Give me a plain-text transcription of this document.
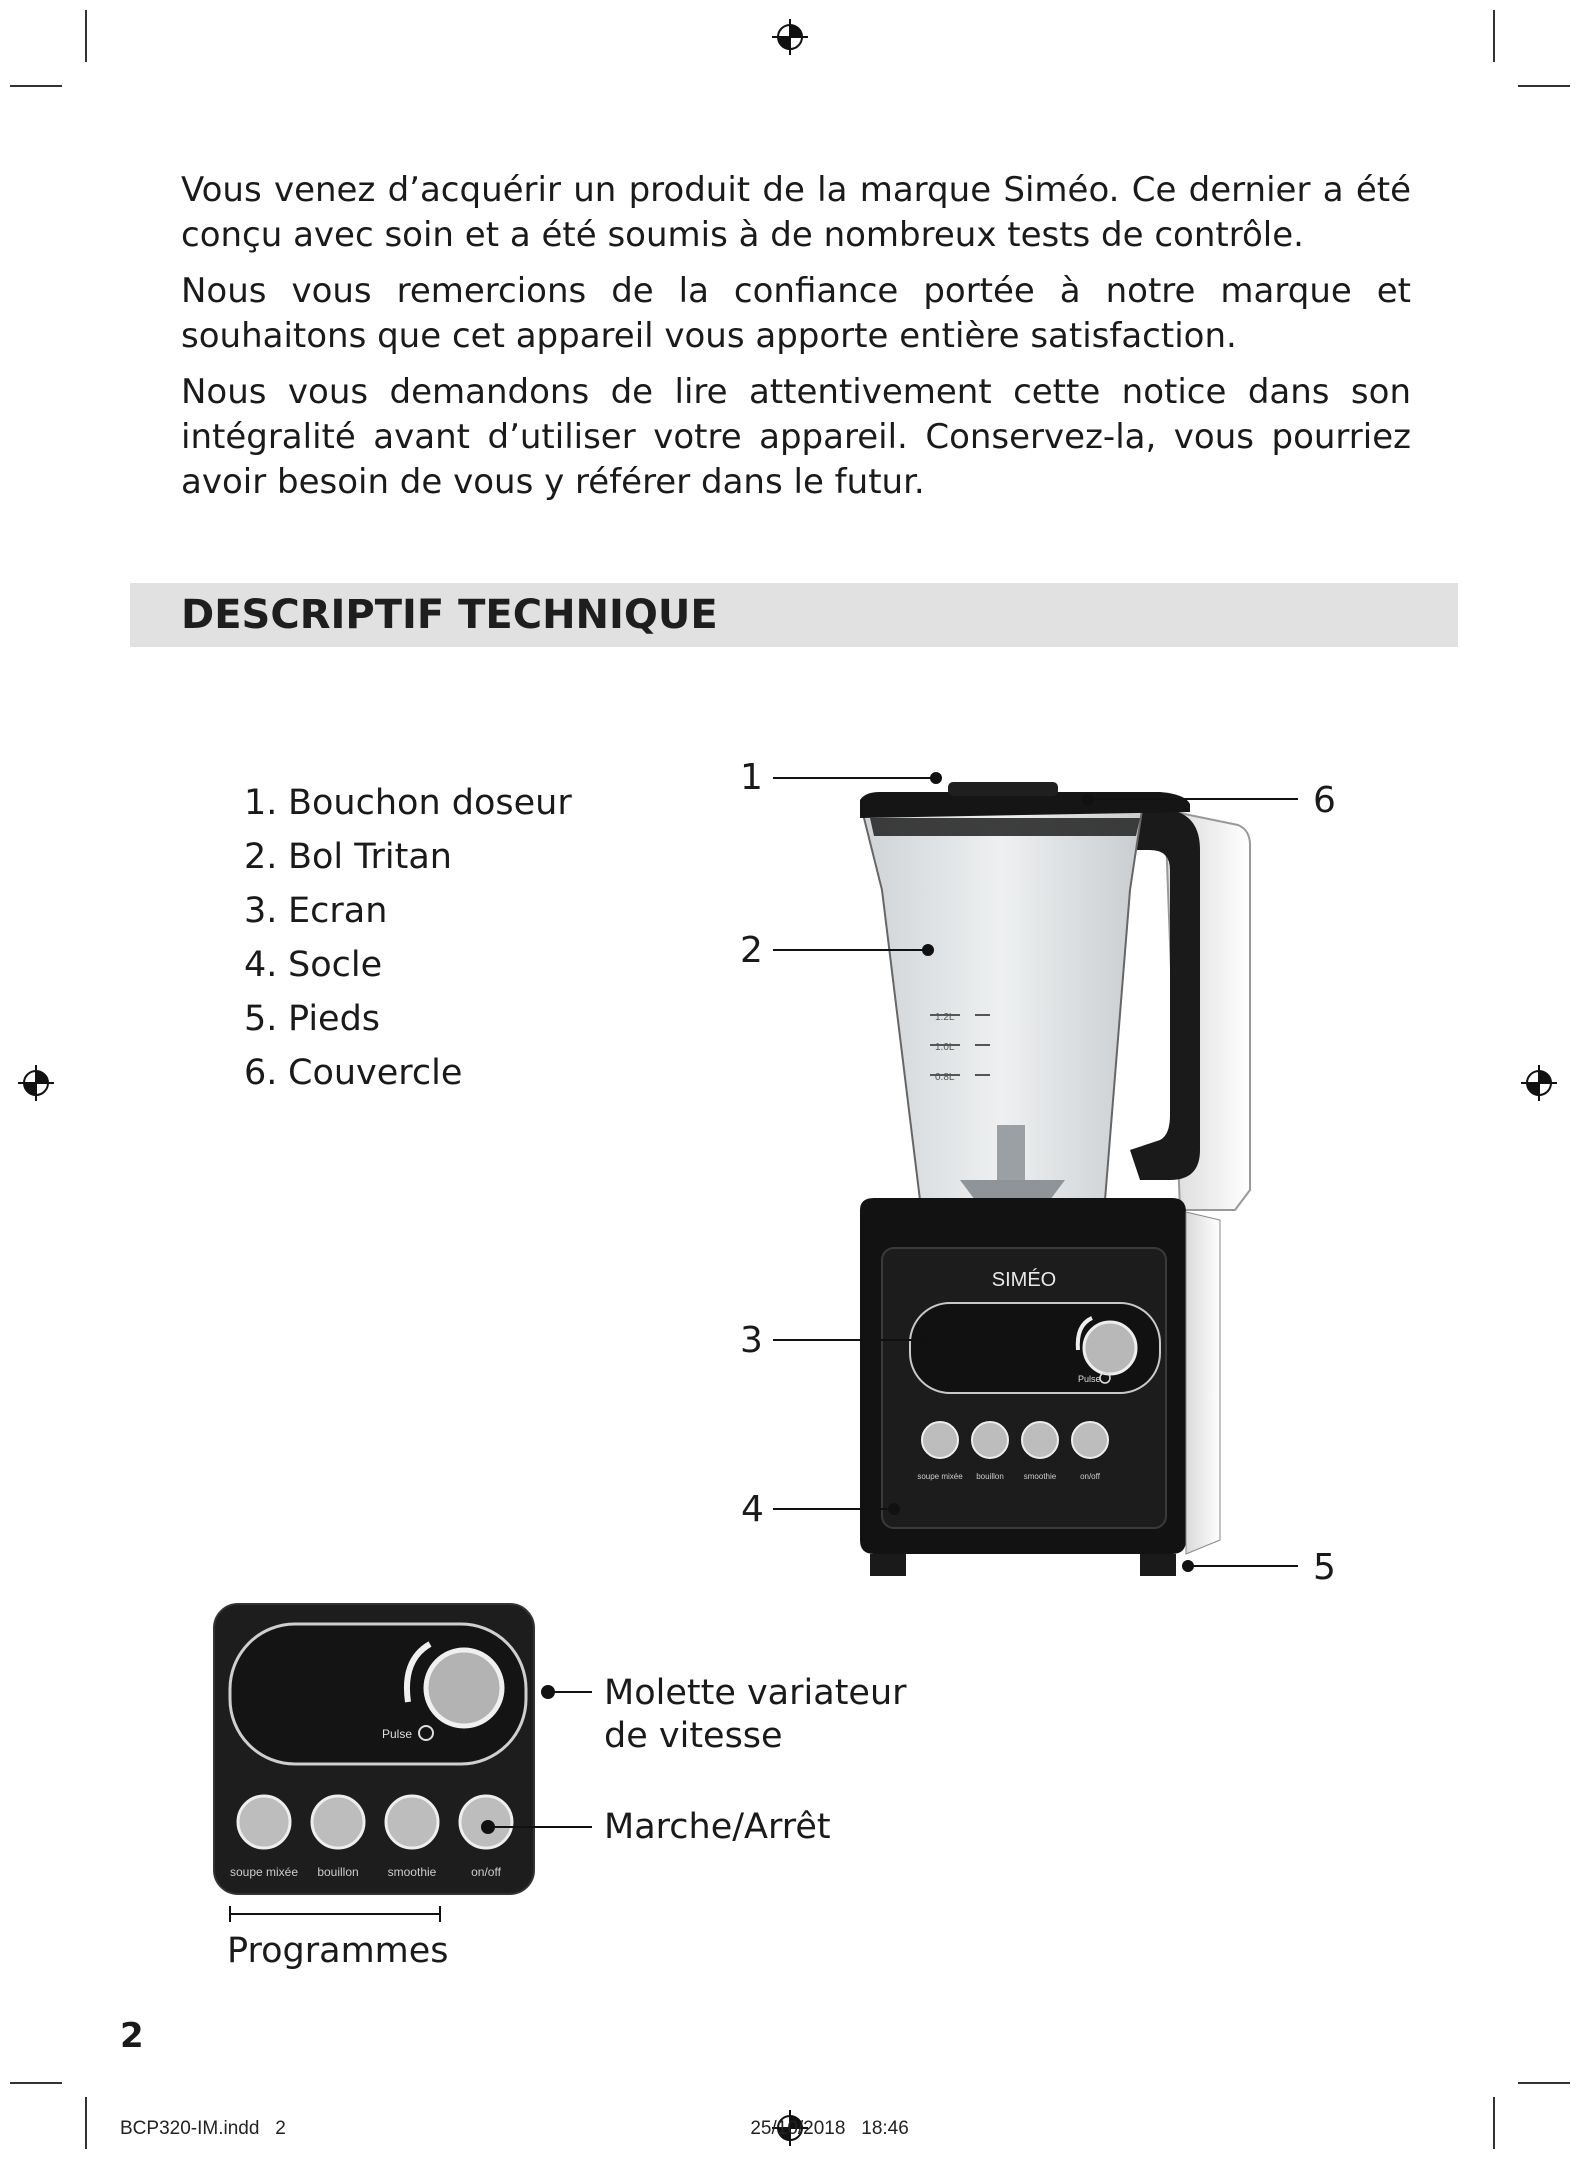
Vous venez d’acquérir un produit de la marque Siméo. Ce dernier a été conçu avec soin et a été soumis à de nombreux tests de contrôle.

Nous vous remercions de la confiance portée à notre marque et souhaitons que cet appareil vous apporte entière satisfaction.

Nous vous demandons de lire attentivement cette notice dans son intégralité avant d’utiliser votre appareil. Conservez-la, vous pourriez avoir besoin de vous y référer dans le futur.

DESCRIPTIF TECHNIQUE
1. Bouchon doseur
2. Bol Tritan
3. Ecran
4. Socle
5. Pieds
6. Couvercle
1.2L
1.0L
0.8L
SIMÉO
Pulse
soupe mixée bouillon smoothie	on/off
1
2
3
4
5
6
Pulse
soupe mixée bouillon smoothie	on/off
Molette variateur
de vitesse
Marche/Arrêt
Programmes
2
BCP320-IM.indd   2                                                                                        25/10/2018   18:46
